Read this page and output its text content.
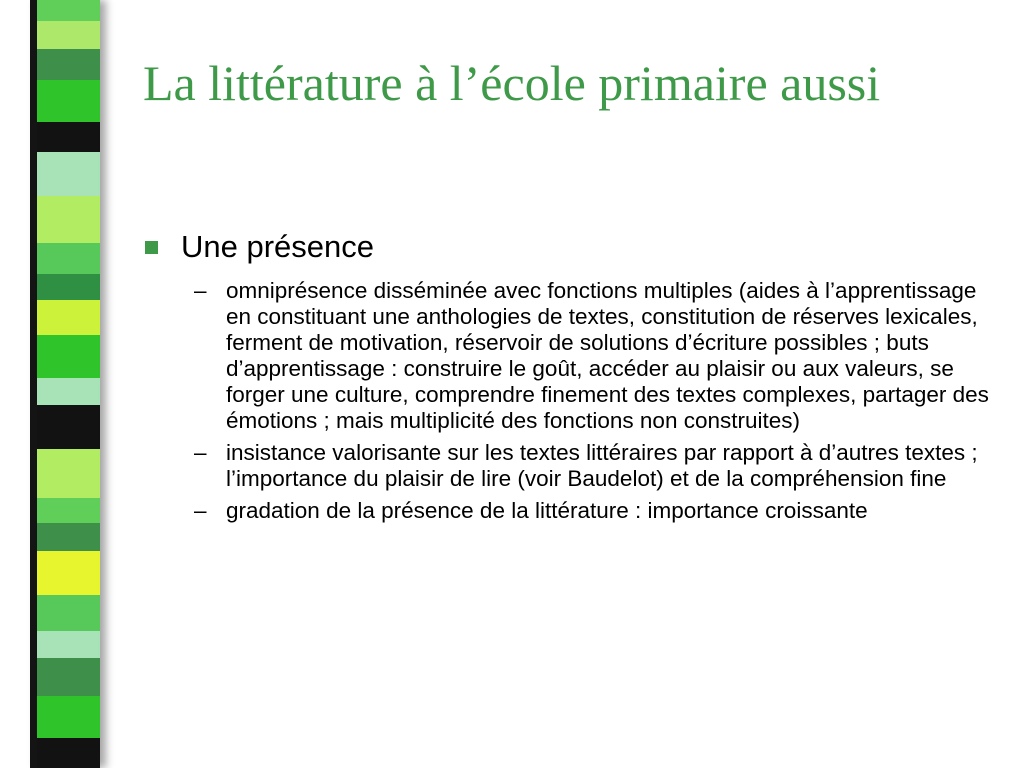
La littérature à l’école primaire aussi
Une présence
– omniprésence disséminée avec fonctions multiples (aides à l’apprentissage en constituant une anthologies de textes, constitution de réserves lexicales, ferment de motivation, réservoir de solutions d’écriture possibles ; buts d’apprentissage : construire le goût, accéder au plaisir ou aux valeurs, se forger une culture, comprendre finement des textes complexes, partager des émotions ; mais multiplicité des fonctions non construites)
– insistance valorisante sur les textes littéraires par rapport à d’autres textes ; l’importance du plaisir de lire (voir Baudelot) et de la compréhension fine
– gradation de la présence de la littérature : importance croissante
